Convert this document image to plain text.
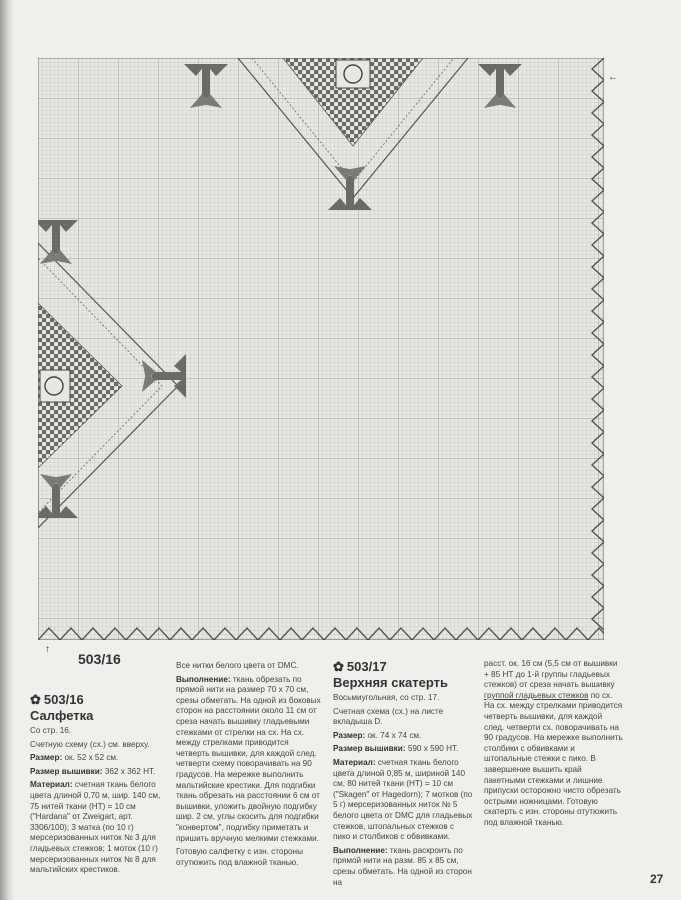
←
↑
503/16
✿ 503/16
Салфетка

Со стр. 16.

Счетную схему (сх.) см. вверху.

Размер: ок. 52 х 52 см.

Размер вышивки: 362 х 362 НТ.

Материал: счетная ткань белого цвета длиной 0,70 м, шир. 140 см, 75 нитей ткани (НТ) = 10 см ("Hardana" от Zweigart, арт. 3306/100); 3 матка (по 10 г) мерсеризованных ниток № 3 для гладьевых стежков; 1 моток (10 г) мерсеризованных ниток № 8 для мальтийских крестиков.

Все нитки белого цвета от DMC.

Выполнение: ткань обрезать по прямой нити на размер 70 х 70 см, срезы обметать. На одной из боковых сторон на расстоянии около 11 см от среза начать вышивку гладьевыми стежками от стрелки на сх. На сх. между стрелками приводится четверть вышивки, для каждой след. четверти схему поворачивать на 90 градусов. На мережке выполнить мальтийские крестики. Для подгибки ткань обрезать на расстоянии 6 см от вышивки, уложить двойную подгибку шир. 2 см, углы скосить для подгибки "конвертом", подгибку приметать и пришить вручную мелкими стежками.

Готовую салфетку с изн. стороны отутюжить под влажной тканью.

✿ 503/17
Верхняя скатерть

Восьмиугольная, со стр. 17.

Счетная схема (сх.) на листе вкладыша D.

Размер: ок. 74 х 74 см.

Размер вышивки: 590 х 590 НТ.

Материал: счетная ткань белого цвета длиной 0,85 м, шириной 140 см, 80 нитей ткани (НТ) = 10 см ("Skagen" от Hagedorn); 7 мотков (по 5 г) мерсеризованных ниток № 5 белого цвета от DMC для гладьевых стежков, штопальных стежков с пико и столбиков с обвивками.

Выполнение: ткань раскроить по прямой нити на разм. 85 х 85 см, срезы обметать. На одной из сторон на

расст. ок. 16 см (5,5 см от вышивки + 85 НТ до 1-й группы гладьевых стежков) от среза начать вышивку группой гладьевых стежков по сх. На сх. между стрелками приводится четверть вышивки, для каждой след. четверти сх. поворачивать на 90 градусов. На мережке выполнить столбики с обвивками и штопальные стежки с пико. В завершение вышить край пакетными стежками и лишние припуски осторожно чисто обрезать острыми ножницами. Готовую скатерть с изн. стороны отутюжить под влажной тканью.

27
